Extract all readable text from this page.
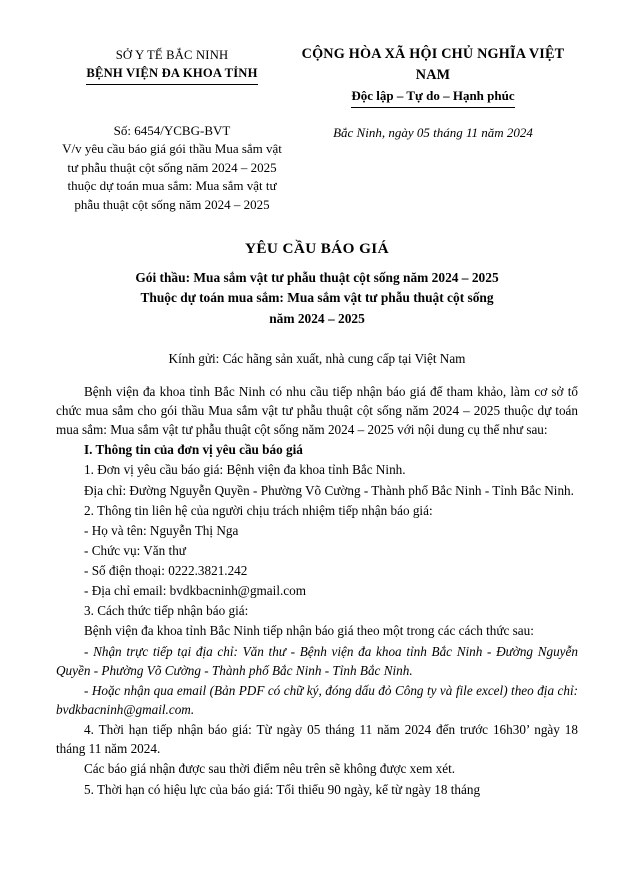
SỞ Y TẾ BẮC NINH
BỆNH VIỆN ĐA KHOA TỈNH
CỘNG HÒA XÃ HỘI CHỦ NGHĨA VIỆT NAM
Độc lập – Tự do – Hạnh phúc
Số: 6454/YCBG-BVT
V/v yêu cầu báo giá gói thầu Mua sắm vật tư phẫu thuật cột sống năm 2024 – 2025 thuộc dự toán mua sắm: Mua sắm vật tư phẫu thuật cột sống năm 2024 – 2025
Bắc Ninh, ngày 05 tháng 11 năm 2024
YÊU CẦU BÁO GIÁ
Gói thầu: Mua sắm vật tư phẫu thuật cột sống năm 2024 – 2025
Thuộc dự toán mua sắm: Mua sắm vật tư phẫu thuật cột sống
năm 2024 – 2025
Kính gửi: Các hãng sản xuất, nhà cung cấp tại Việt Nam

Bệnh viện đa khoa tỉnh Bắc Ninh có nhu cầu tiếp nhận báo giá để tham khảo, làm cơ sở tổ chức mua sắm cho gói thầu Mua sắm vật tư phẫu thuật cột sống năm 2024 – 2025 thuộc dự toán mua sắm: Mua sắm vật tư phẫu thuật cột sống năm 2024 – 2025 với nội dung cụ thể như sau:

I. Thông tin của đơn vị yêu cầu báo giá

1. Đơn vị yêu cầu báo giá: Bệnh viện đa khoa tỉnh Bắc Ninh.

Địa chỉ: Đường Nguyễn Quyền - Phường Võ Cường - Thành phố Bắc Ninh - Tỉnh Bắc Ninh.

2. Thông tin liên hệ của người chịu trách nhiệm tiếp nhận báo giá:

- Họ và tên: Nguyễn Thị Nga

- Chức vụ: Văn thư

- Số điện thoại: 0222.3821.242

- Địa chỉ email: bvdkbacninh@gmail.com

3. Cách thức tiếp nhận báo giá:

Bệnh viện đa khoa tỉnh Bắc Ninh tiếp nhận báo giá theo một trong các cách thức sau:

- Nhận trực tiếp tại địa chỉ: Văn thư - Bệnh viện đa khoa tỉnh Bắc Ninh - Đường Nguyễn Quyền - Phường Võ Cường - Thành phố Bắc Ninh - Tỉnh Bắc Ninh.

- Hoặc nhận qua email (Bản PDF có chữ ký, đóng dấu đỏ Công ty và file excel) theo địa chỉ: bvdkbacninh@gmail.com.

4. Thời hạn tiếp nhận báo giá: Từ ngày 05 tháng 11 năm 2024 đến trước 16h30’ ngày 18 tháng 11 năm 2024.

Các báo giá nhận được sau thời điểm nêu trên sẽ không được xem xét.

5. Thời hạn có hiệu lực của báo giá: Tối thiểu 90 ngày, kể từ ngày 18 tháng
